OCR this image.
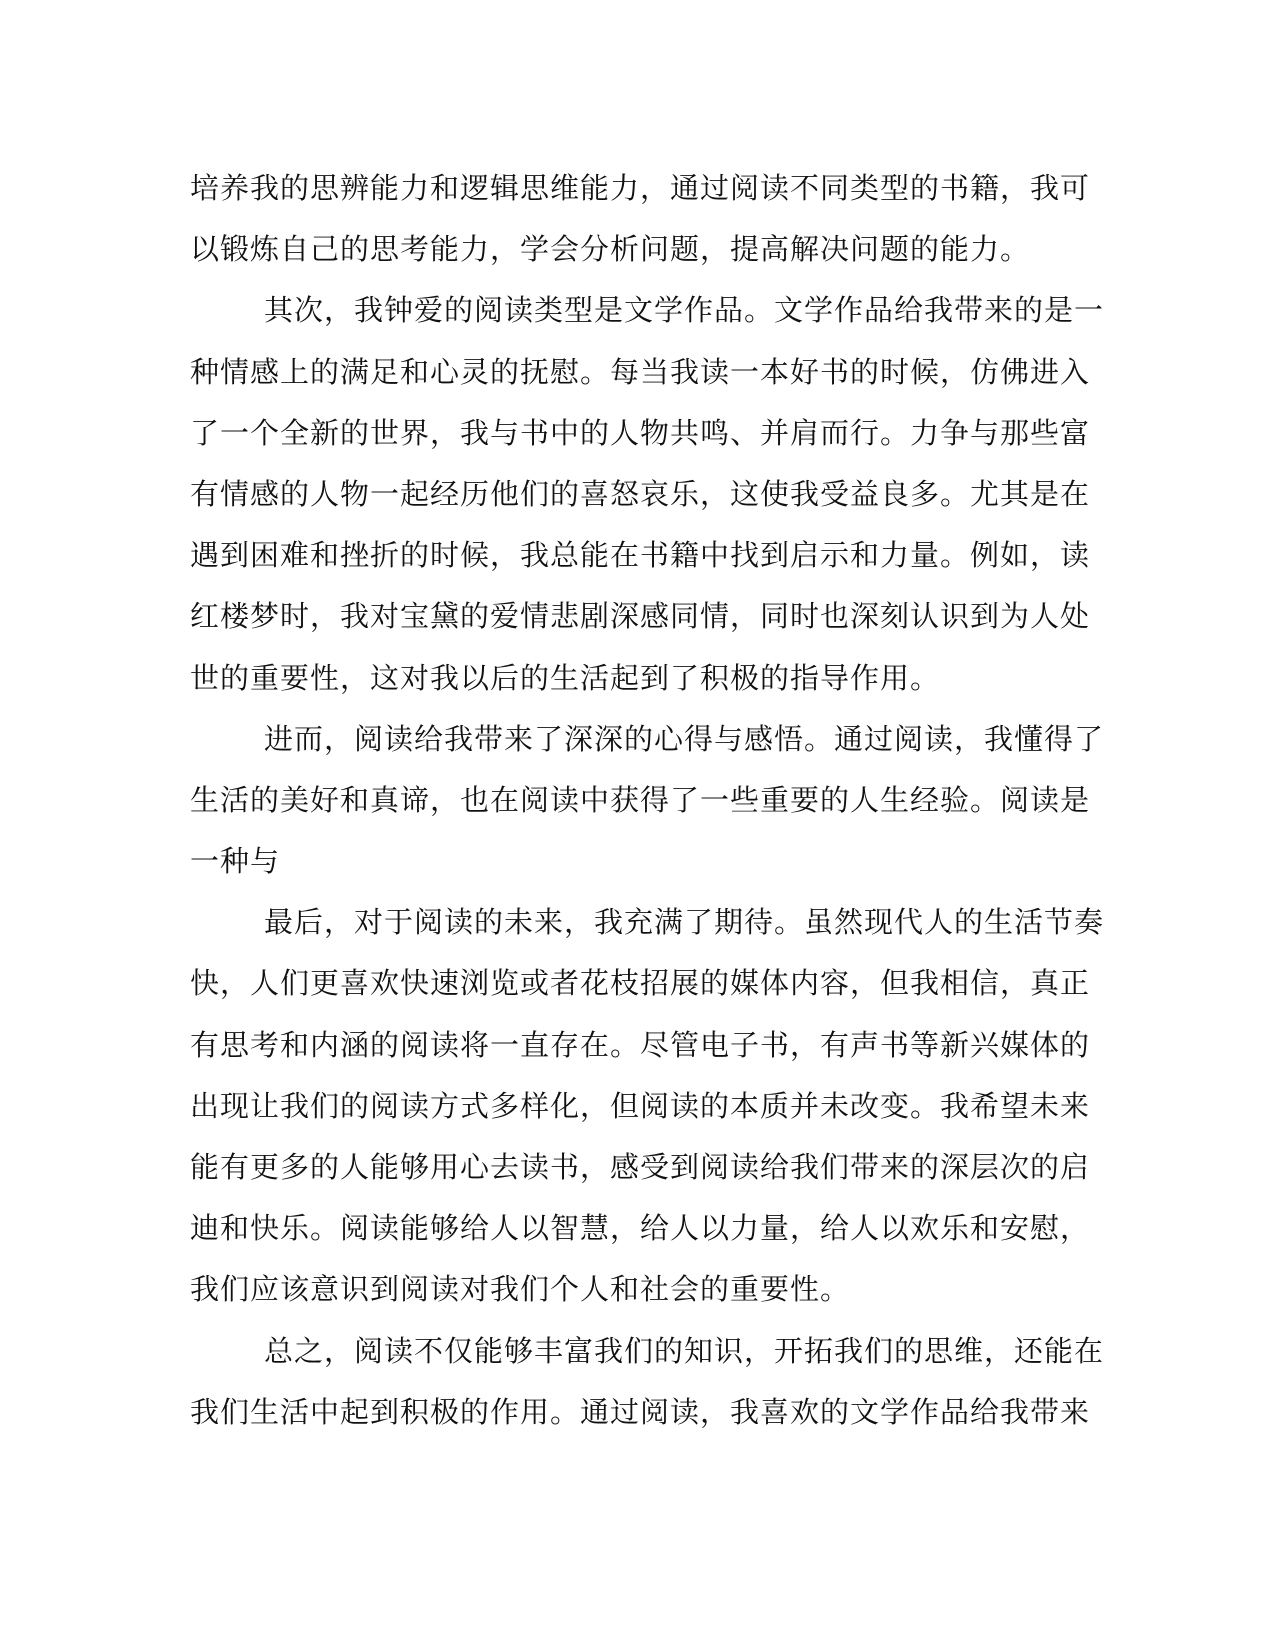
培养我的思辨能力和逻辑思维能力，通过阅读不同类型的书籍，我可
以锻炼自己的思考能力，学会分析问题，提高解决问题的能力。
其次，我钟爱的阅读类型是文学作品。文学作品给我带来的是一
种情感上的满足和心灵的抚慰。每当我读一本好书的时候，仿佛进入
了一个全新的世界，我与书中的人物共鸣、并肩而行。力争与那些富
有情感的人物一起经历他们的喜怒哀乐，这使我受益良多。尤其是在
遇到困难和挫折的时候，我总能在书籍中找到启示和力量。例如，读
红楼梦时，我对宝黛的爱情悲剧深感同情，同时也深刻认识到为人处
世的重要性，这对我以后的生活起到了积极的指导作用。
进而，阅读给我带来了深深的心得与感悟。通过阅读，我懂得了
生活的美好和真谛，也在阅读中获得了一些重要的人生经验。阅读是
一种与
最后，对于阅读的未来，我充满了期待。虽然现代人的生活节奏
快，人们更喜欢快速浏览或者花枝招展的媒体内容，但我相信，真正
有思考和内涵的阅读将一直存在。尽管电子书，有声书等新兴媒体的
出现让我们的阅读方式多样化，但阅读的本质并未改变。我希望未来
能有更多的人能够用心去读书，感受到阅读给我们带来的深层次的启
迪和快乐。阅读能够给人以智慧，给人以力量，给人以欢乐和安慰，
我们应该意识到阅读对我们个人和社会的重要性。
总之，阅读不仅能够丰富我们的知识，开拓我们的思维，还能在
我们生活中起到积极的作用。通过阅读，我喜欢的文学作品给我带来
